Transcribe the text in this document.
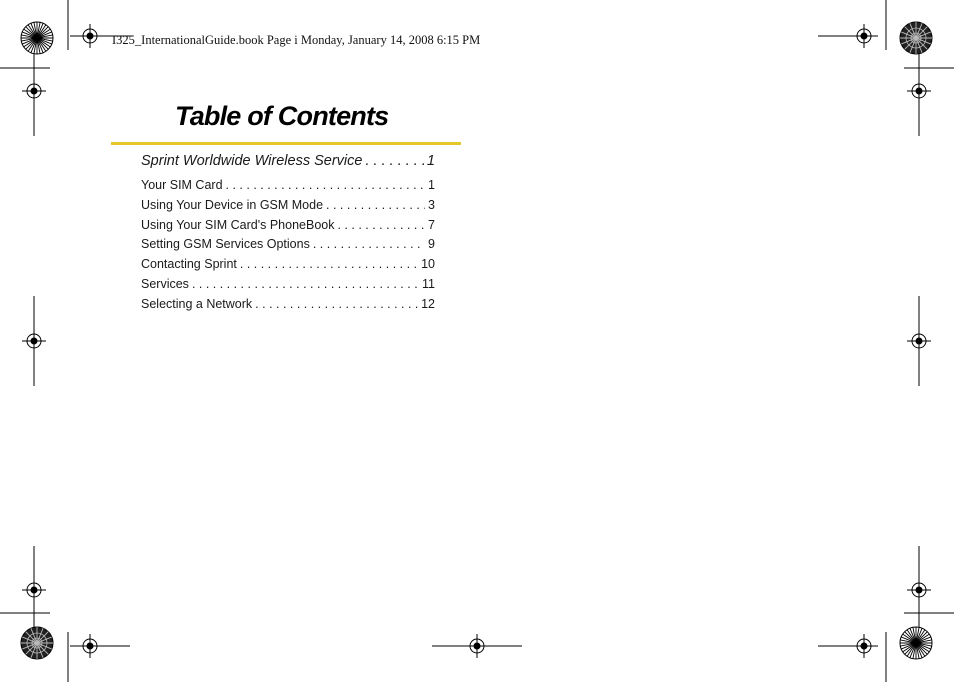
I325_InternationalGuide.book Page i Monday, January 14, 2008 6:15 PM
Table of Contents
Sprint Worldwide Wireless Service . . .	1
Your SIM Card . . .	1
Using Your Device in GSM Mode . . .	3
Using Your SIM Card's PhoneBook . . .	7
Setting GSM Services Options . . .	9
Contacting Sprint . . .	10
Services . . .	11
Selecting a Network . . .	12
